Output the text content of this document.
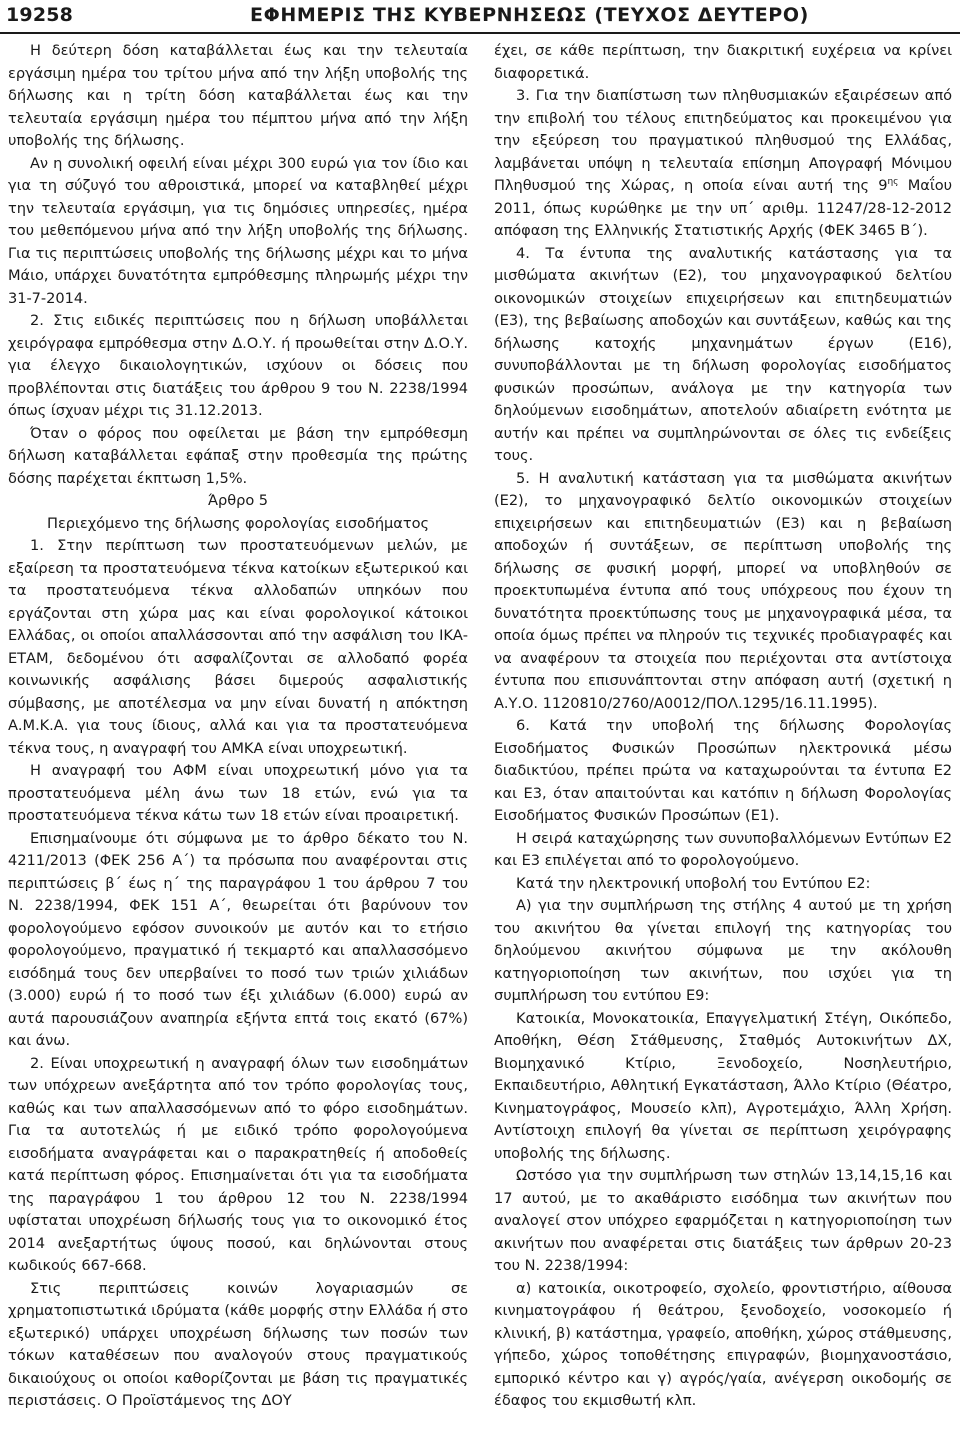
19258	ΕΦΗΜΕΡΙΣ ΤΗΣ ΚΥΒΕΡΝΗΣΕΩΣ (ΤΕΥΧΟΣ ΔΕΥΤΕΡΟ)

Η δεύτερη δόση καταβάλλεται έως και την τελευταία εργάσιμη ημέρα του τρίτου μήνα από την λήξη υποβολής της δήλωσης και η τρίτη δόση καταβάλλεται έως και την τελευταία εργάσιμη ημέρα του πέμπτου μήνα από την λήξη υποβολής της δήλωσης.

Αν η συνολική οφειλή είναι μέχρι 300 ευρώ για τον ίδιο και για τη σύζυγό του αθροιστικά, μπορεί να καταβληθεί μέχρι την τελευταία εργάσιμη, για τις δημόσιες υπηρεσίες, ημέρα του μεθεπόμενου μήνα από την λήξη υποβολής της δήλωσης. Για τις περιπτώσεις υποβολής της δήλωσης μέχρι και το μήνα Μάιο, υπάρχει δυνατότητα εμπρόθεσμης πληρωμής μέχρι την 31-7-2014.

2. Στις ειδικές περιπτώσεις που η δήλωση υποβάλλεται χειρόγραφα εμπρόθεσμα στην Δ.Ο.Υ. ή προωθείται στην Δ.Ο.Υ. για έλεγχο δικαιολογητικών, ισχύουν οι δόσεις που προβλέπονται στις διατάξεις του άρθρου 9 του Ν. 2238/1994 όπως ίσχυαν μέχρι τις 31.12.2013.

Όταν ο φόρος που οφείλεται με βάση την εμπρόθεσμη δήλωση καταβάλλεται εφάπαξ στην προθεσμία της πρώτης δόσης παρέχεται έκπτωση 1,5%.

Άρθρο 5

Περιεχόμενο της δήλωσης φορολογίας εισοδήματος

1. Στην περίπτωση των προστατευόμενων μελών, με εξαίρεση τα προστατευόμενα τέκνα κατοίκων εξωτερικού και τα προστατευόμενα τέκνα αλλοδαπών υπηκόων που εργάζονται στη χώρα μας και είναι φορολογικοί κάτοικοι Ελλάδας, οι οποίοι απαλλάσσονται από την ασφάλιση του ΙΚΑ-ΕΤΑΜ, δεδομένου ότι ασφαλίζονται σε αλλοδαπό φορέα κοινωνικής ασφάλισης βάσει διμερούς ασφαλιστικής σύμβασης, με αποτέλεσμα να μην είναι δυνατή η απόκτηση Α.Μ.Κ.Α. για τους ίδιους, αλλά και για τα προστατευόμενα τέκνα τους, η αναγραφή του ΑΜΚΑ είναι υποχρεωτική.

Η αναγραφή του ΑΦΜ είναι υποχρεωτική μόνο για τα προστατευόμενα μέλη άνω των 18 ετών, ενώ για τα προστατευόμενα τέκνα κάτω των 18 ετών είναι προαιρετική.

Επισημαίνουμε ότι σύμφωνα με το άρθρο δέκατο του Ν. 4211/2013 (ΦΕΚ 256 Α΄) τα πρόσωπα που αναφέρονται στις περιπτώσεις β΄ έως η΄ της παραγράφου 1 του άρθρου 7 του Ν. 2238/1994, ΦΕΚ 151 Α΄, θεωρείται ότι βαρύνουν τον φορολογούμενο εφόσον συνοικούν με αυτόν και το ετήσιο φορολογούμενο, πραγματικό ή τεκμαρτό και απαλλασσόμενο εισόδημά τους δεν υπερβαίνει το ποσό των τριών χιλιάδων (3.000) ευρώ ή το ποσό των έξι χιλιάδων (6.000) ευρώ αν αυτά παρουσιάζουν αναπηρία εξήντα επτά τοις εκατό (67%) και άνω.

2. Είναι υποχρεωτική η αναγραφή όλων των εισοδημάτων των υπόχρεων ανεξάρτητα από τον τρόπο φορολογίας τους, καθώς και των απαλλασσόμενων από το φόρο εισοδημάτων. Για τα αυτοτελώς ή με ειδικό τρόπο φορολογούμενα εισοδήματα αναγράφεται και ο παρακρατηθείς ή αποδοθείς κατά περίπτωση φόρος. Επισημαίνεται ότι για τα εισοδήματα της παραγράφου 1 του άρθρου 12 του Ν. 2238/1994 υφίσταται υποχρέωση δήλωσής τους για το οικονομικό έτος 2014 ανεξαρτήτως ύψους ποσού, και δηλώνονται στους κωδικούς 667-668.

Στις περιπτώσεις κοινών λογαριασμών σε χρηματοπιστωτικά ιδρύματα (κάθε μορφής στην Ελλάδα ή στο εξωτερικό) υπάρχει υποχρέωση δήλωσης των ποσών των τόκων καταθέσεων που αναλογούν στους πραγματικούς δικαιούχους οι οποίοι καθορίζονται με βάση τις πραγματικές περιστάσεις. Ο Προϊστάμενος της ΔΟΥ

έχει, σε κάθε περίπτωση, την διακριτική ευχέρεια να κρίνει διαφορετικά.

3. Για την διαπίστωση των πληθυσμιακών εξαιρέσεων από την επιβολή του τέλους επιτηδεύματος και προκειμένου για την εξεύρεση του πραγματικού πληθυσμού της Ελλάδας, λαμβάνεται υπόψη η τελευταία επίσημη Απογραφή Μόνιμου Πληθυσμού της Χώρας, η οποία είναι αυτή της $9^{\eta\varsigma}$ Μαΐου 2011, όπως κυρώθηκε με την υπ΄ αριθμ. 11247/28-12-2012 απόφαση της Ελληνικής Στατιστικής Αρχής (ΦΕΚ 3465 Β΄).

4. Τα έντυπα της αναλυτικής κατάστασης για τα μισθώματα ακινήτων (Ε2), του μηχανογραφικού δελτίου οικονομικών στοιχείων επιχειρήσεων και επιτηδευματιών (Ε3), της βεβαίωσης αποδοχών και συντάξεων, καθώς και της δήλωσης κατοχής μηχανημάτων έργων (Ε16), συνυποβάλλονται με τη δήλωση φορολογίας εισοδήματος φυσικών προσώπων, ανάλογα με την κατηγορία των δηλούμενων εισοδημάτων, αποτελούν αδιαίρετη ενότητα με αυτήν και πρέπει να συμπληρώνονται σε όλες τις ενδείξεις τους.

5. Η αναλυτική κατάσταση για τα μισθώματα ακινήτων (Ε2), το μηχανογραφικό δελτίο οικονομικών στοιχείων επιχειρήσεων και επιτηδευματιών (Ε3) και η βεβαίωση αποδοχών ή συντάξεων, σε περίπτωση υποβολής της δήλωσης σε φυσική μορφή, μπορεί να υποβληθούν σε προεκτυπωμένα έντυπα από τους υπόχρεους που έχουν τη δυνατότητα προεκτύπωσης τους με μηχανογραφικά μέσα, τα οποία όμως πρέπει να πληρούν τις τεχνικές προδιαγραφές και να αναφέρουν τα στοιχεία που περιέχονται στα αντίστοιχα έντυπα που επισυνάπτονται στην απόφαση αυτή (σχετική η Α.Υ.Ο. 1120810/2760/Α0012/ΠΟΛ.1295/16.11.1995).

6. Κατά την υποβολή της δήλωσης Φορολογίας Εισοδήματος Φυσικών Προσώπων ηλεκτρονικά μέσω διαδικτύου, πρέπει πρώτα να καταχωρούνται τα έντυπα Ε2 και Ε3, όταν απαιτούνται και κατόπιν η δήλωση Φορολογίας Εισοδήματος Φυσικών Προσώπων (Ε1).

Η σειρά καταχώρησης των συνυποβαλλόμενων Εντύπων Ε2 και Ε3 επιλέγεται από το φορολογούμενο.

Κατά την ηλεκτρονική υποβολή του Εντύπου Ε2:

Α) για την συμπλήρωση της στήλης 4 αυτού με τη χρήση του ακινήτου θα γίνεται επιλογή της κατηγορίας του δηλούμενου ακινήτου σύμφωνα με την ακόλουθη κατηγοριοποίηση των ακινήτων, που ισχύει για τη συμπλήρωση του εντύπου Ε9:

Κατοικία, Μονοκατοικία, Επαγγελματική Στέγη, Οικόπεδο, Αποθήκη, Θέση Στάθμευσης, Σταθμός Αυτοκινήτων ΔΧ, Βιομηχανικό Κτίριο, Ξενοδοχείο, Νοσηλευτήριο, Εκπαιδευτήριο, Αθλητική Εγκατάσταση, Άλλο Κτίριο (Θέατρο, Κινηματογράφος, Μουσείο κλπ), Αγροτεμάχιο, Άλλη Χρήση. Αντίστοιχη επιλογή θα γίνεται σε περίπτωση χειρόγραφης υποβολής της δήλωσης.

Ωστόσο για την συμπλήρωση των στηλών 13,14,15,16 και 17 αυτού, με το ακαθάριστο εισόδημα των ακινήτων που αναλογεί στον υπόχρεο εφαρμόζεται η κατηγοριοποίηση των ακινήτων που αναφέρεται στις διατάξεις των άρθρων 20-23 του Ν. 2238/1994:

α) κατοικία, οικοτροφείο, σχολείο, φροντιστήριο, αίθουσα κινηματογράφου ή θεάτρου, ξενοδοχείο, νοσοκομείο ή κλινική, β) κατάστημα, γραφείο, αποθήκη, χώρος στάθμευσης, γήπεδο, χώρος τοποθέτησης επιγραφών, βιομηχανοστάσιο, εμπορικό κέντρο και γ) αγρός/γαία, ανέγερση οικοδομής σε έδαφος του εκμισθωτή κλπ.
